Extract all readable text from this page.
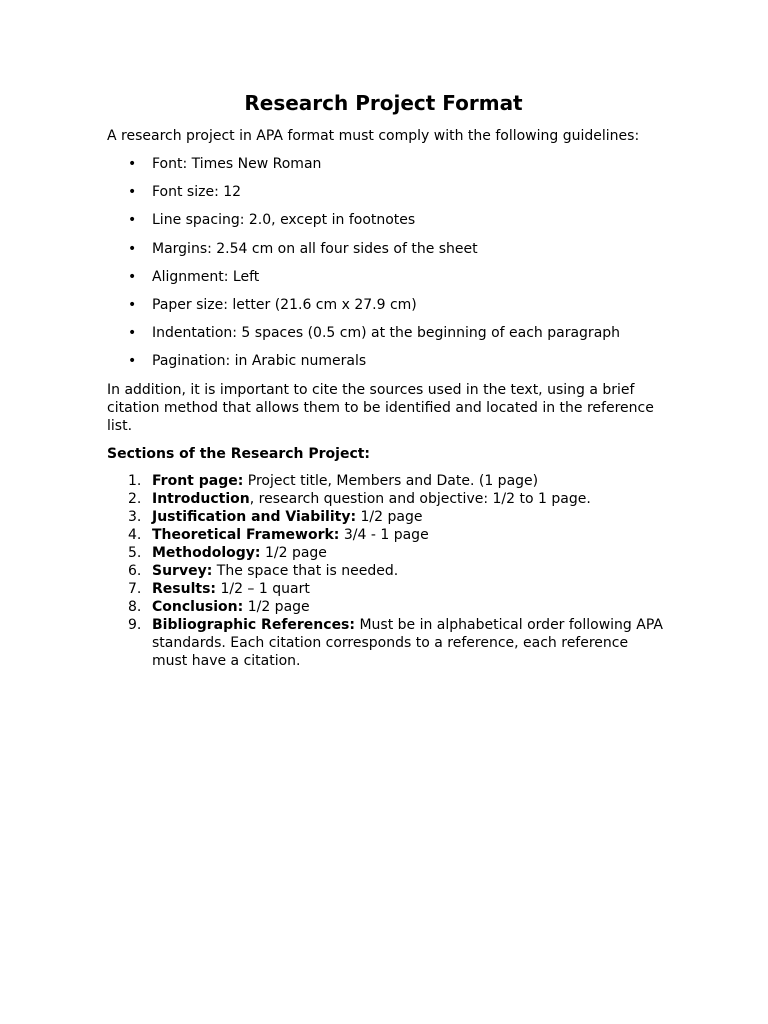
Research Project Format

A research project in APA format must comply with the following guidelines:

• Font: Times New Roman
• Font size: 12
• Line spacing: 2.0, except in footnotes
• Margins: 2.54 cm on all four sides of the sheet
• Alignment: Left
• Paper size: letter (21.6 cm x 27.9 cm)
• Indentation: 5 spaces (0.5 cm) at the beginning of each paragraph
• Pagination: in Arabic numerals

In addition, it is important to cite the sources used in the text, using a brief citation method that allows them to be identified and located in the reference list.

Sections of the Research Project:

1. Front page: Project title, Members and Date. (1 page)
2. Introduction, research question and objective: 1/2 to 1 page.
3. Justification and Viability: 1/2 page
4. Theoretical Framework: 3/4 - 1 page
5. Methodology: 1/2 page
6. Survey: The space that is needed.
7. Results: 1/2 – 1 quart
8. Conclusion: 1/2 page
9. Bibliographic References: Must be in alphabetical order following APA standards. Each citation corresponds to a reference, each reference must have a citation.
